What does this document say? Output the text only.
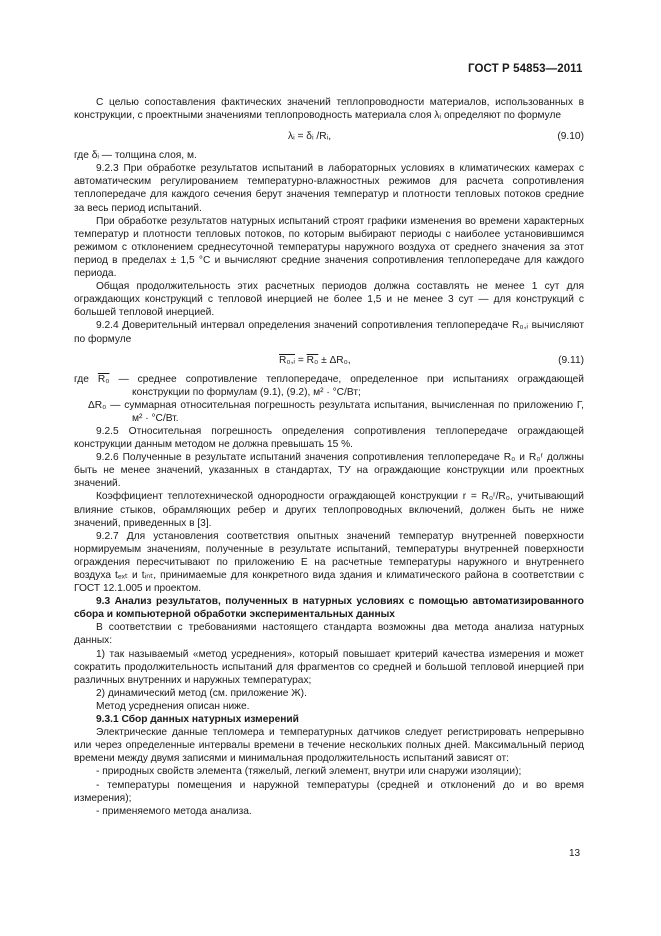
ГОСТ Р 54853—2011

С целью сопоставления фактических значений теплопроводности материалов, использованных в конструкции, с проектными значениями теплопроводность материала слоя λᵢ определяют по формуле

λᵢ = δᵢ /Rᵢ,	(9.10)

где δᵢ — толщина слоя, м.

9.2.3 При обработке результатов испытаний в лабораторных условиях в климатических камерах с автоматическим регулированием температурно-влажностных режимов для расчета сопротивления теплопередаче для каждого сечения берут значения температур и плотности тепловых потоков средние за весь период испытаний.

При обработке результатов натурных испытаний строят графики изменения во времени характерных температур и плотности тепловых потоков, по которым выбирают периоды с наиболее установившимся режимом с отклонением среднесуточной температуры наружного воздуха от среднего значения за этот период в пределах ± 1,5 °С и вычисляют средние значения сопротивления теплопередаче для каждого периода.

Общая продолжительность этих расчетных периодов должна составлять не менее 1 сут для ограждающих конструкций с тепловой инерцией не более 1,5 и не менее 3 сут — для конструкций с большей тепловой инерцией.

9.2.4 Доверительный интервал определения значений сопротивления теплопередаче R₀,ᵢ вычисляют по формуле

R₀,ᵢ = R₀ ± ΔR₀,	(9.11)

где R₀ — среднее сопротивление теплопередаче, определенное при испытаниях ограждающей конструкции по формулам (9.1), (9.2), м² · °С/Вт;

ΔR₀ — суммарная относительная погрешность результата испытания, вычисленная по приложению Г, м² · °С/Вт.

9.2.5 Относительная погрешность определения сопротивления теплопередаче ограждающей конструкции данным методом не должна превышать 15 %.

9.2.6 Полученные в результате испытаний значения сопротивления теплопередаче R₀ и R₀ʳ должны быть не менее значений, указанных в стандартах, ТУ на ограждающие конструкции или проектных значений.

Коэффициент теплотехнической однородности ограждающей конструкции r = R₀ʳ/R₀, учитывающий влияние стыков, обрамляющих ребер и других теплопроводных включений, должен быть не ниже значений, приведенных в [3].

9.2.7 Для установления соответствия опытных значений температур внутренней поверхности нормируемым значениям, полученные в результате испытаний, температуры внутренней поверхности ограждения пересчитывают по приложению Е на расчетные температуры наружного и внутреннего воздуха tₑₓₜ и tᵢₙₜ, принимаемые для конкретного вида здания и климатического района в соответствии с ГОСТ 12.1.005 и проектом.

9.3 Анализ результатов, полученных в натурных условиях с помощью автоматизированного сбора и компьютерной обработки экспериментальных данных

В соответствии с требованиями настоящего стандарта возможны два метода анализа натурных данных:

1) так называемый «метод усреднения», который повышает критерий качества измерения и может сократить продолжительность испытаний для фрагментов со средней и большой тепловой инерцией при различных внутренних и наружных температурах;

2) динамический метод (см. приложение Ж).

Метод усреднения описан ниже.

9.3.1 Сбор данных натурных измерений

Электрические данные тепломера и температурных датчиков следует регистрировать непрерывно или через определенные интервалы времени в течение нескольких полных дней. Максимальный период времени между двумя записями и минимальная продолжительность испытаний зависят от:

- природных свойств элемента (тяжелый, легкий элемент, внутри или снаружи изоляции);

- температуры помещения и наружной температуры (средней и отклонений до и во время измерения);

- применяемого метода анализа.

13
